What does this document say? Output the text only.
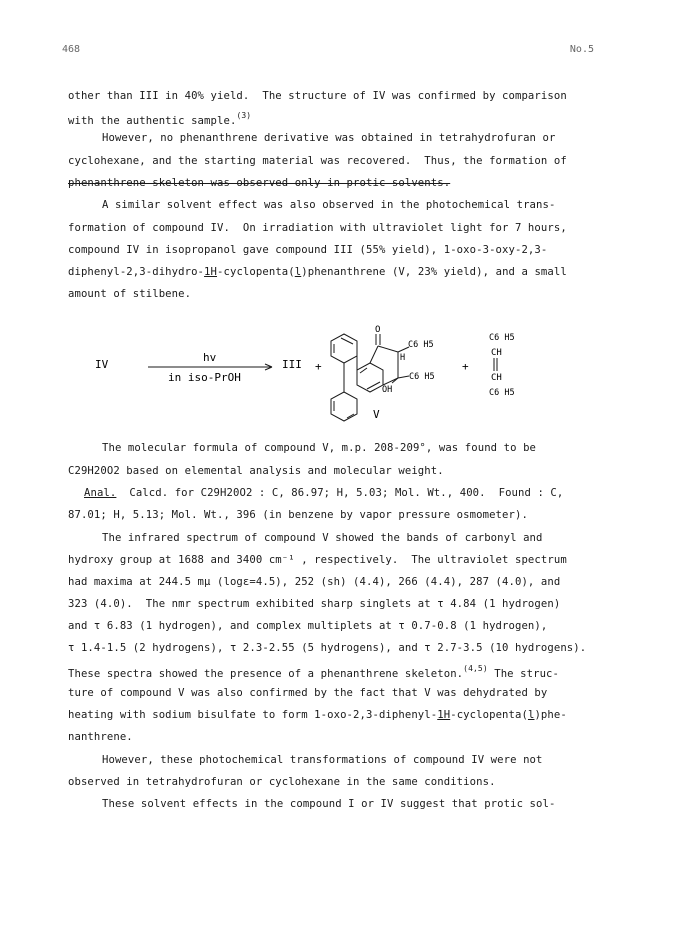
468	No.5
other than III in 40% yield.  The structure of IV was confirmed by comparison
with the authentic sample.$^{(3)}$
However, no phenanthrene derivative was obtained in tetrahydrofuran or
cyclohexane, and the starting material was recovered.  Thus, the formation of
phenanthrene skeleton was observed only in protic solvents.
A similar solvent effect was also observed in the photochemical trans-
formation of compound IV.  On irradiation with ultraviolet light for 7 hours,
compound IV in isopropanol gave compound III (55% yield), 1-oxo-3-oxy-2,3-
diphenyl-2,3-dihydro-1H-cyclopenta(l)phenanthrene (V, 23% yield), and a small
amount of stilbene.
IV
hv
in iso-PrOH
III +
O
C6 H5
H
C6 H5
OH
V
+
C6 H5
CH
CH
C6 H5
The molecular formula of compound V, m.p. 208-209°, was found to be
C29H20O2 based on elemental analysis and molecular weight.
Anal.  Calcd. for C29H20O2 : C, 86.97; H, 5.03; Mol. Wt., 400.  Found : C,
87.01; H, 5.13; Mol. Wt., 396 (in benzene by vapor pressure osmometer).
The infrared spectrum of compound V showed the bands of carbonyl and
hydroxy group at 1688 and 3400 cm⁻¹ , respectively.  The ultraviolet spectrum
had maxima at 244.5 mμ (logε=4.5), 252 (sh) (4.4), 266 (4.4), 287 (4.0), and
323 (4.0).  The nmr spectrum exhibited sharp singlets at τ 4.84 (1 hydrogen)
and τ 6.83 (1 hydrogen), and complex multiplets at τ 0.7-0.8 (1 hydrogen),
τ 1.4-1.5 (2 hydrogens), τ 2.3-2.55 (5 hydrogens), and τ 2.7-3.5 (10 hydrogens).
These spectra showed the presence of a phenanthrene skeleton.$^{(4,5)}$ The struc-
ture of compound V was also confirmed by the fact that V was dehydrated by
heating with sodium bisulfate to form 1-oxo-2,3-diphenyl-1H-cyclopenta(l)phe-
nanthrene.
However, these photochemical transformations of compound IV were not
observed in tetrahydrofuran or cyclohexane in the same conditions.
These solvent effects in the compound I or IV suggest that protic sol-
